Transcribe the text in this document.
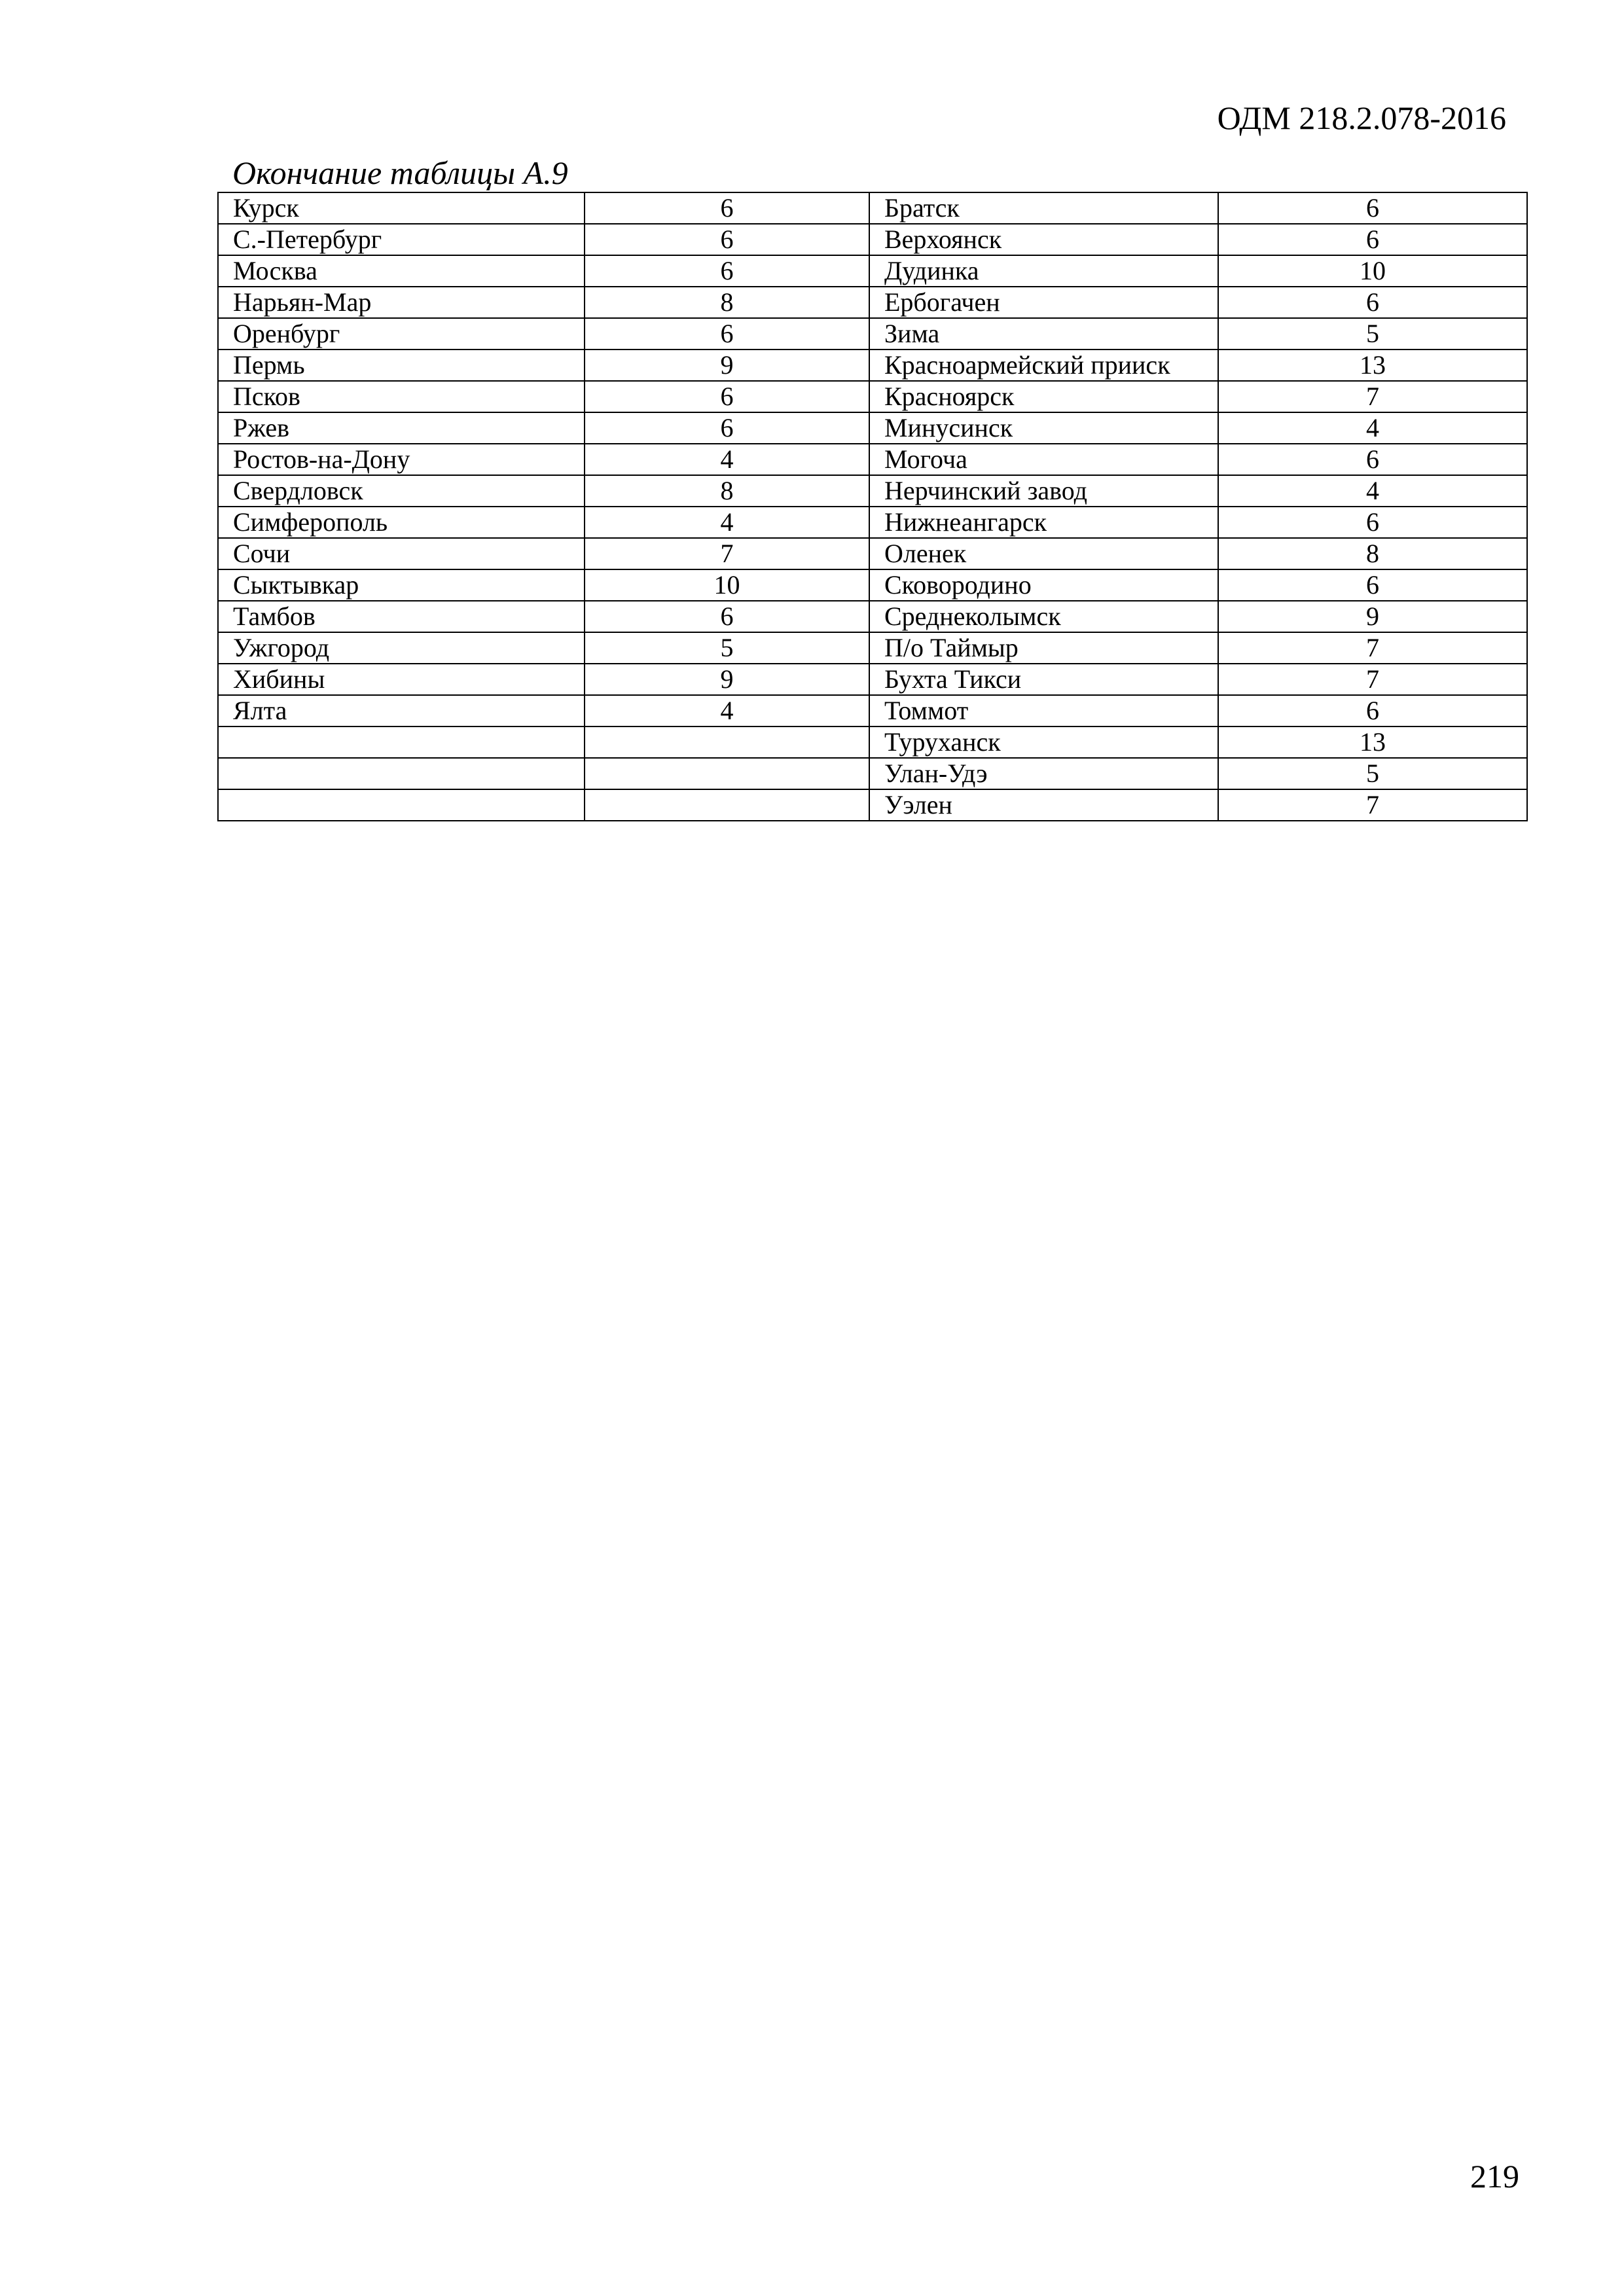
ОДМ 218.2.078-2016
Окончание таблицы А.9
Курск	6	Братск	6
С.-Петербург	6	Верхоянск	6
Москва	6	Дудинка	10
Нарьян-Мар	8	Ербогачен	6
Оренбург	6	Зима	5
Пермь	9	Красноармейский прииск	13
Псков	6	Красноярск	7
Ржев	6	Минусинск	4
Ростов-на-Дону	4	Могоча	6
Свердловск	8	Нерчинский завод	4
Симферополь	4	Нижнеангарск	6
Сочи	7	Оленек	8
Сыктывкар	10	Сковородино	6
Тамбов	6	Среднеколымск	9
Ужгород	5	П/о Таймыр	7
Хибины	9	Бухта Тикси	7
Ялта	4	Томмот	6
		Туруханск	13
		Улан-Удэ	5
		Уэлен	7
219
